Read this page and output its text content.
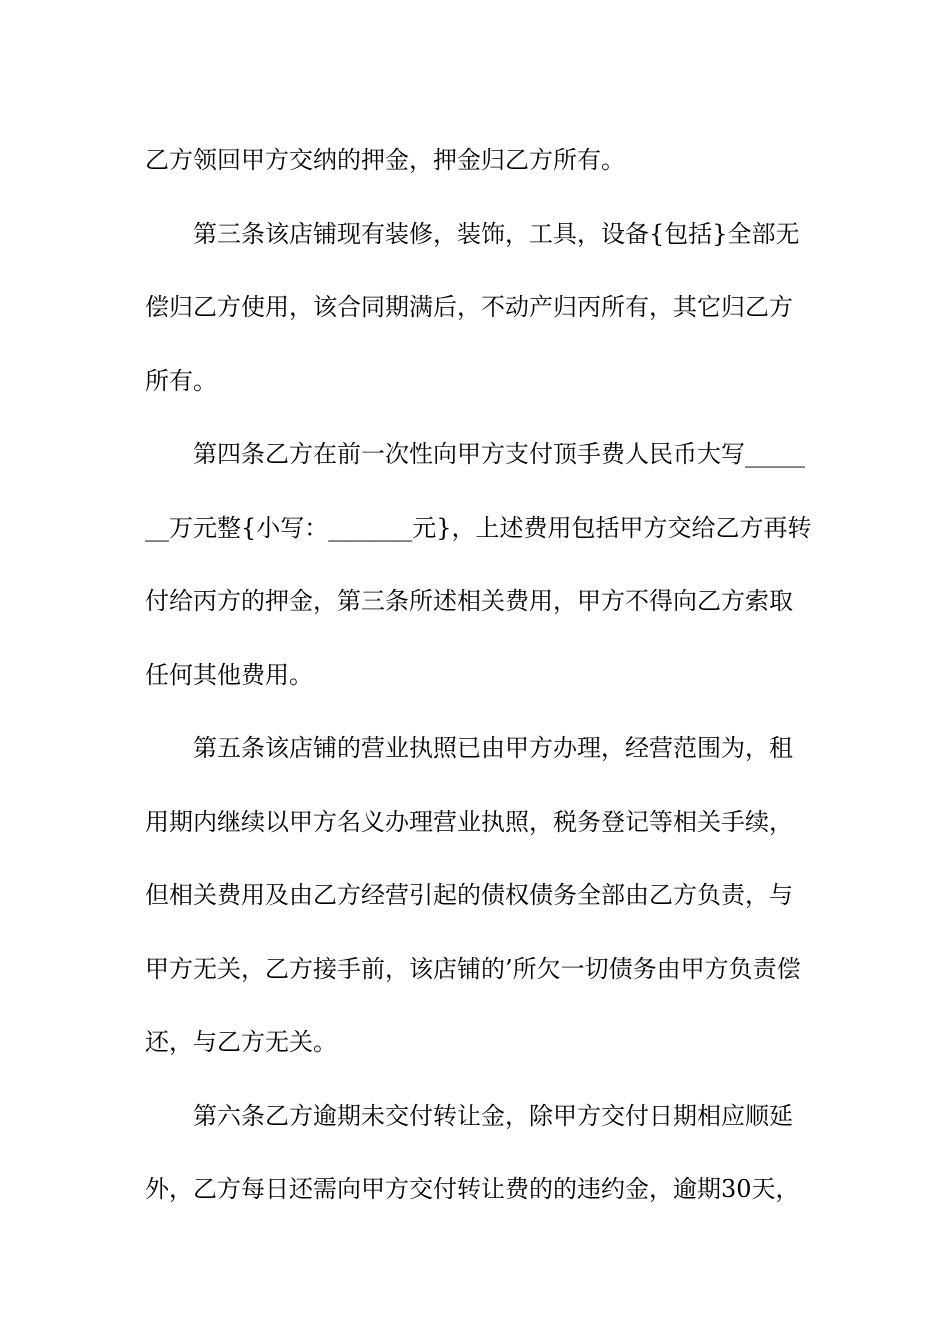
乙方领回甲方交纳的押金，押金归乙方所有。
第三条该店铺现有装修，装饰，工具，设备{包括}全部无
偿归乙方使用，该合同期满后，不动产归丙所有，其它归乙方
所有。
第四条乙方在前一次性向甲方支付顶手费人民币大写_____
__万元整{小写：_______元}，上述费用包括甲方交给乙方再转
付给丙方的押金，第三条所述相关费用，甲方不得向乙方索取
任何其他费用。
第五条该店铺的营业执照已由甲方办理，经营范围为，租
用期内继续以甲方名义办理营业执照，税务登记等相关手续，
但相关费用及由乙方经营引起的债权债务全部由乙方负责，与
甲方无关，乙方接手前，该店铺的’所欠一切债务由甲方负责偿
还，与乙方无关。
第六条乙方逾期未交付转让金，除甲方交付日期相应顺延
外，乙方每日还需向甲方交付转让费的的违约金，逾期30天，
